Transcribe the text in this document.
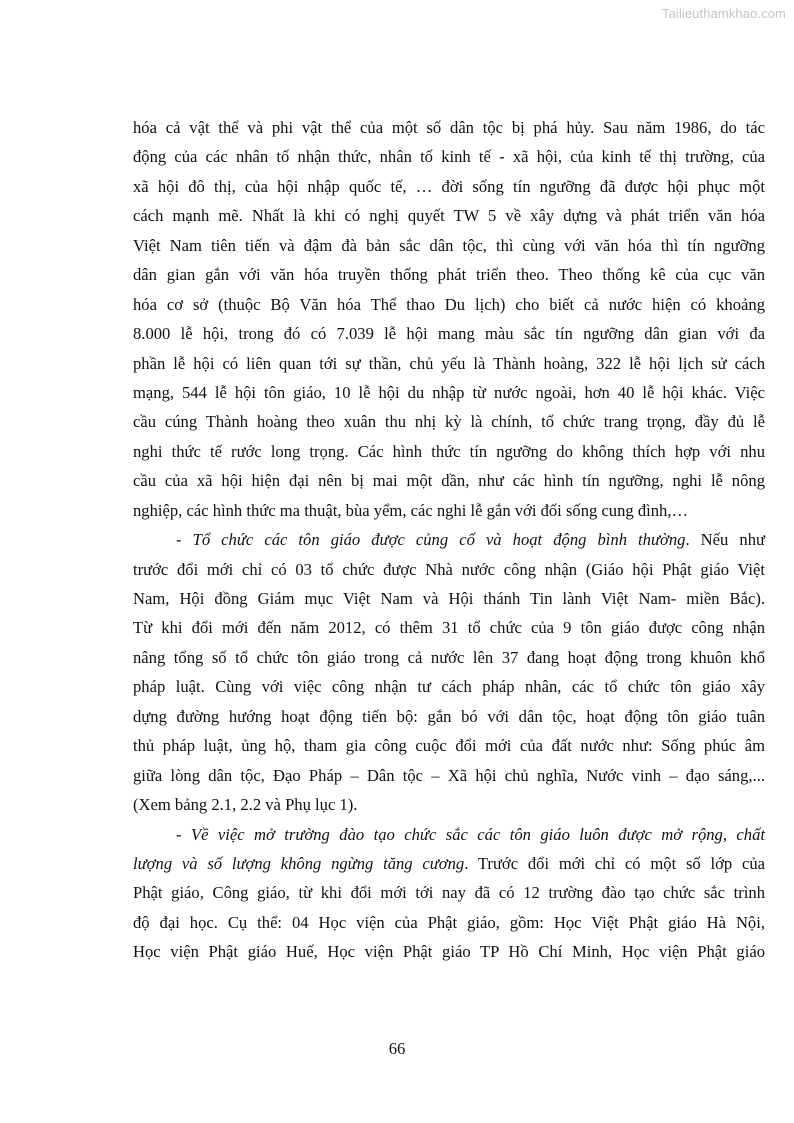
Tailieuthamkhao.com
hóa cả vật thể và phi vật thể của một số dân tộc bị phá hủy. Sau năm 1986, do tác
động của các nhân tố nhận thức, nhân tố kinh tế - xã hội, của kinh tế thị trường, của
xã hội đô thị, của hội nhập quốc tế, … đời sống tín ngưỡng đã được hội phục một
cách mạnh mẽ. Nhất là khi có nghị quyết TW 5 về xây dựng và phát triển văn hóa
Việt Nam tiên tiến và đậm đà bản sắc dân tộc, thì cùng với văn hóa thì tín ngưỡng
dân gian gắn với văn hóa truyền thống phát triển theo. Theo thống kê của cục văn
hóa cơ sở (thuộc Bộ Văn hóa Thể thao Du lịch) cho biết cả nước hiện có khoảng
8.000 lễ hội, trong đó có 7.039 lễ hội mang màu sắc tín ngưỡng dân gian với đa
phần lễ hội có liên quan tới sự thần, chủ yếu là Thành hoàng, 322 lễ hội lịch sử cách
mạng, 544 lễ hội tôn giáo, 10 lễ hội du nhập từ nước ngoài, hơn 40 lễ hội khác. Việc
cầu cúng Thành hoàng theo xuân thu nhị kỳ là chính, tổ chức trang trọng, đầy đủ lễ
nghi thức tế rước long trọng. Các hình thức tín ngưỡng do không thích hợp với nhu
cầu của xã hội hiện đại nên bị mai một dần, như các hình tín ngưỡng, nghi lễ nông
nghiệp, các hình thức ma thuật, bùa yểm, các nghi lễ gắn với đối sống cung đình,…
- Tổ chức các tôn giáo được củng cố và hoạt động bình thường. Nếu như
trước đổi mới chỉ có 03 tổ chức được Nhà nước công nhận (Giáo hội Phật giáo Việt
Nam, Hội đồng Giám mục Việt Nam và Hội thánh Tin lành Việt Nam- miền Bắc).
Từ khi đổi mới đến năm 2012, có thêm 31 tổ chức của 9 tôn giáo được công nhận
nâng tổng số tổ chức tôn giáo trong cả nước lên 37 đang hoạt động trong khuôn khổ
pháp luật. Cùng với việc công nhận tư cách pháp nhân, các tổ chức tôn giáo xây
dựng đường hướng hoạt động tiến bộ: gắn bó với dân tộc, hoạt động tôn giáo tuân
thủ pháp luật, ủng hộ, tham gia công cuộc đổi mới của đất nước như: Sống phúc âm
giữa lòng dân tộc, Đạo Pháp – Dân tộc – Xã hội chủ nghĩa, Nước vinh – đạo sáng,...
(Xem bảng 2.1, 2.2 và Phụ lục 1).
- Về việc mở trường đào tạo chức sắc các tôn giáo luôn được mở rộng, chất
lượng và số lượng không ngừng tăng cương. Trước đổi mới chỉ có một số lớp của
Phật giáo, Công giáo, từ khi đổi mới tới nay đã có 12 trường đào tạo chức sắc trình
độ đại học. Cụ thể: 04 Học viện của Phật giáo, gồm: Học Việt Phật giáo Hà Nội,
Học viện Phật giáo Huế, Học viện Phật giáo TP Hồ Chí Minh, Học viện Phật giáo
66
